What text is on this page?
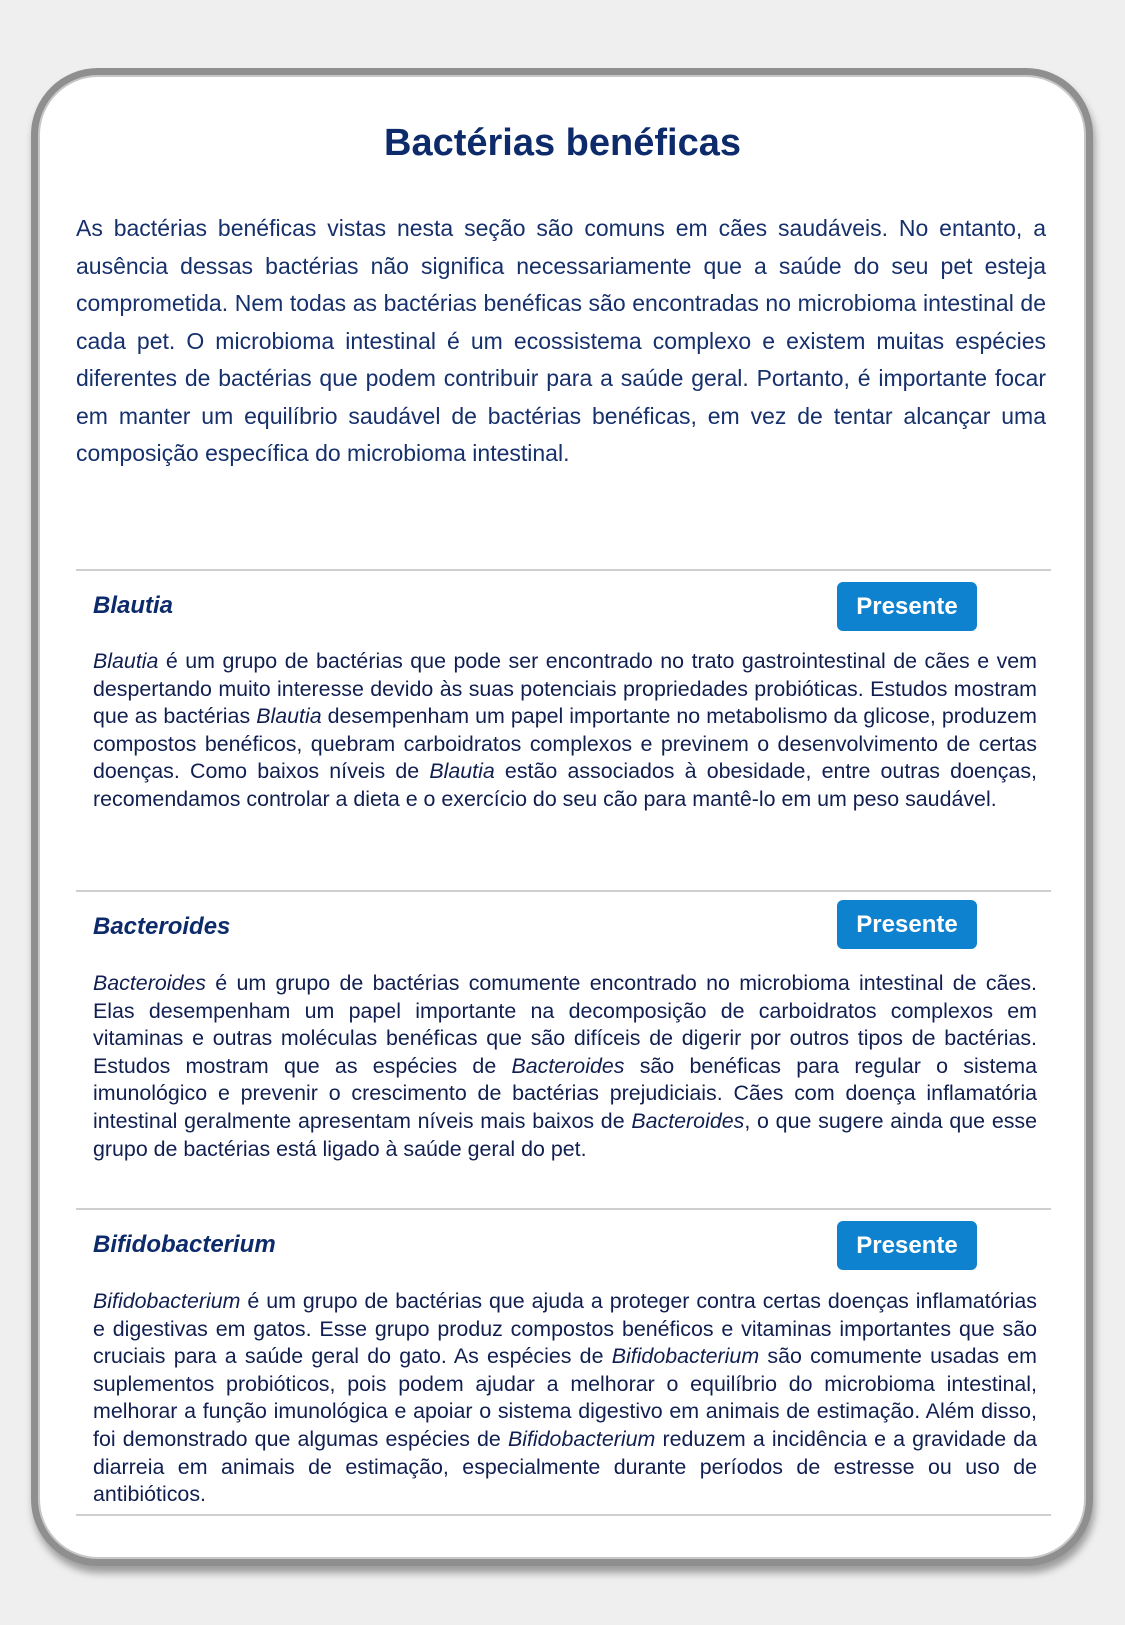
Bactérias benéficas

As bactérias benéficas vistas nesta seção são comuns em cães saudáveis. No entanto, a ausência dessas bactérias não significa necessariamente que a saúde do seu pet esteja comprometida. Nem todas as bactérias benéficas são encontradas no microbioma intestinal de cada pet. O microbioma intestinal é um ecossistema complexo e existem muitas espécies diferentes de bactérias que podem contribuir para a saúde geral. Portanto, é importante focar em manter um equilíbrio saudável de bactérias benéficas, em vez de tentar alcançar uma composição específica do microbioma intestinal.

Blautia	Presente

Blautia é um grupo de bactérias que pode ser encontrado no trato gastrointestinal de cães e vem despertando muito interesse devido às suas potenciais propriedades probióticas. Estudos mostram que as bactérias Blautia desempenham um papel importante no metabolismo da glicose, produzem compostos benéficos, quebram carboidratos complexos e previnem o desenvolvimento de certas doenças. Como baixos níveis de Blautia estão associados à obesidade, entre outras doenças, recomendamos controlar a dieta e o exercício do seu cão para mantê-lo em um peso saudável.

Bacteroides	Presente

Bacteroides é um grupo de bactérias comumente encontrado no microbioma intestinal de cães. Elas desempenham um papel importante na decomposição de carboidratos complexos em vitaminas e outras moléculas benéficas que são difíceis de digerir por outros tipos de bactérias. Estudos mostram que as espécies de Bacteroides são benéficas para regular o sistema imunológico e prevenir o crescimento de bactérias prejudiciais. Cães com doença inflamatória intestinal geralmente apresentam níveis mais baixos de Bacteroides, o que sugere ainda que esse grupo de bactérias está ligado à saúde geral do pet.

Bifidobacterium	Presente

Bifidobacterium é um grupo de bactérias que ajuda a proteger contra certas doenças inflamatórias e digestivas em gatos. Esse grupo produz compostos benéficos e vitaminas importantes que são cruciais para a saúde geral do gato. As espécies de Bifidobacterium são comumente usadas em suplementos probióticos, pois podem ajudar a melhorar o equilíbrio do microbioma intestinal, melhorar a função imunológica e apoiar o sistema digestivo em animais de estimação. Além disso, foi demonstrado que algumas espécies de Bifidobacterium reduzem a incidência e a gravidade da diarreia em animais de estimação, especialmente durante períodos de estresse ou uso de antibióticos.
